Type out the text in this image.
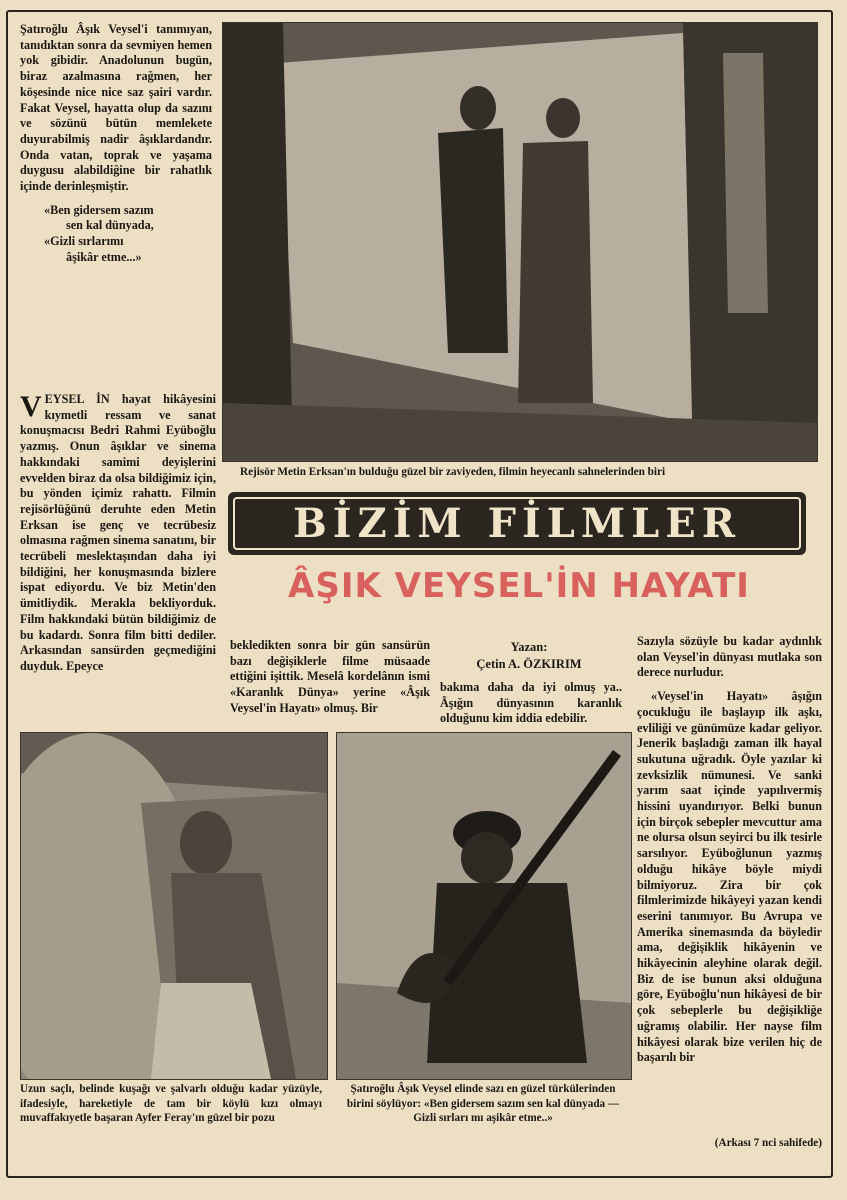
Şatıroğlu Âşık Veysel'i tanımıyan, tanıdıktan sonra da sevmiyen hemen yok gibidir. Anadolunun bugün, biraz azalmasına rağmen, her köşesinde nice nice saz şairi vardır. Fakat Veysel, hayatta olup da sazını ve sözünü bütün memlekete duyurabilmiş nadir âşıklardandır. Onda vatan, toprak ve yaşama duygusu alabildiğine bir rahatlık içinde derinleşmiştir.

«Ben gidersem sazım
sen kal dünyada,
«Gizli sırlarımı
âşikâr etme...»
V EYSEL İN hayat hikâyesini kıymetli ressam ve sanat konuşmacısı Bedri Rahmi Eyüboğlu yazmış. Onun âşıklar ve sinema hakkındaki samimi deyişlerini evvelden biraz da olsa bildiğimiz için, bu yönden içimiz rahattı. Filmin rejisörlüğünü deruhte eden Metin Erksan ise genç ve tecrübesiz olmasına rağmen sinema sanatını, bir tecrübeli meslektaşından daha iyi bildiğini, her konuşmasında bizlere ispat ediyordu. Ve biz Metin'den ümitliydik. Merakla bekliyorduk. Film hakkındaki bütün bildiğimiz de bu kadardı. Sonra film bitti dediler. Arkasından sansürden geçmediğini duyduk. Epeyce
Rejisör Metin Erksan'ın bulduğu güzel bir zaviyeden, filmin heyecanlı sahnelerinden biri
BİZİM FİLMLER
ÂŞIK VEYSEL'İN HAYATI

bekledikten sonra bir gün sansürün bazı değişiklerle filme müsaade ettiğini işittik. Meselâ kordelânın ismi «Karanlık Dünya» yerine «Âşık Veysel'in Hayatı» olmuş. Bir

Yazan:
Çetin A. ÖZKIRIM

bakıma daha da iyi olmuş ya.. Âşığın dünyasının karanlık olduğunu kim iddia edebilir.

Sazıyla sözüyle bu kadar aydınlık olan Veysel'in dünyası mutlaka son derece nurludur.

«Veysel'in Hayatı» âşığın çocukluğu ile başlayıp ilk aşkı, evliliği ve günümüze kadar geliyor. Jenerik başladığı zaman ilk hayal sukutuna uğradık. Öyle yazılar ki zevksizlik nümunesi. Ve sanki yarım saat içinde yapılıvermiş hissini uyandırıyor. Belki bunun için birçok sebepler mevcuttur ama ne olursa olsun seyirci bu ilk tesirle sarsılıyor. Eyüboğlunun yazmış olduğu hikâye böyle miydi bilmiyoruz. Zira bir çok filmlerimizde hikâyeyi yazan kendi eserini tanımıyor. Bu Avrupa ve Amerika sinemasında da böyledir ama, değişiklik hikâyenin ve hikâyecinin aleyhine olarak değil. Biz de ise bunun aksi olduğuna göre, Eyüboğlu'nun hikâyesi de bir çok sebeplerle bu değişikliğe uğramış olabilir. Her nayse film hikâyesi olarak bize verilen hiç de başarılı bir

Uzun saçlı, belinde kuşağı ve şalvarlı olduğu kadar yüzüyle, ifadesiyle, hareketiyle de tam bir köylü kızı olmayı muvaffakıyetle başaran Ayfer Feray'ın güzel bir pozu
Şatıroğlu Âşık Veysel elinde sazı en güzel türkülerinden birini söylüyor: «Ben gidersem sazım sen kal dünyada — Gizli sırları mı aşikâr etme..»
(Arkası 7 nci sahifede)
